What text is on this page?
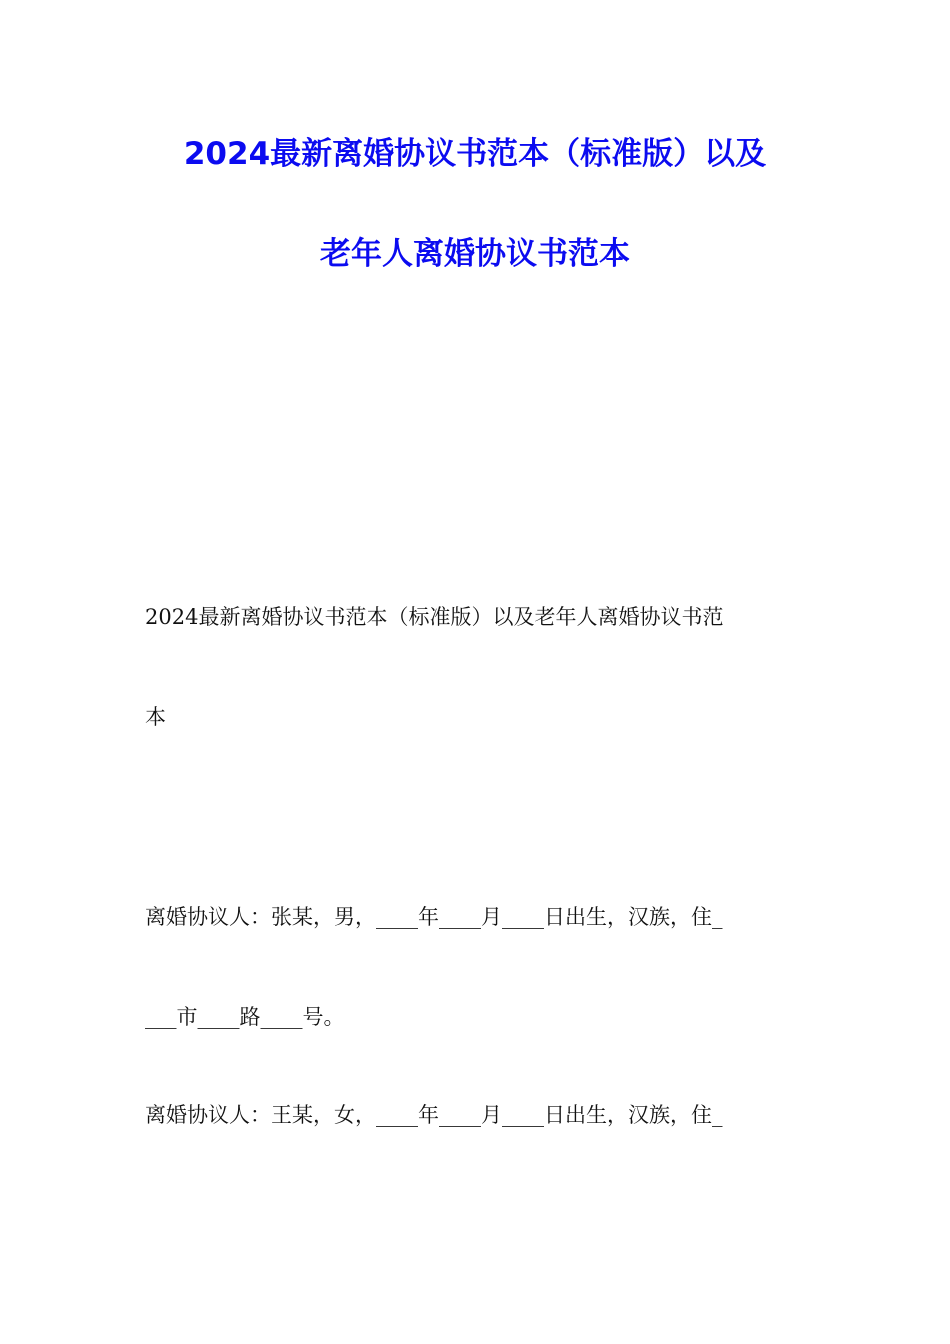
2024最新离婚协议书范本（标准版）以及
老年人离婚协议书范本
2024最新离婚协议书范本（标准版）以及老年人离婚协议书范
本
离婚协议人：张某，男，____年____月____日出生，汉族，住_
___市____路____号。
离婚协议人：王某，女，____年____月____日出生，汉族，住_
